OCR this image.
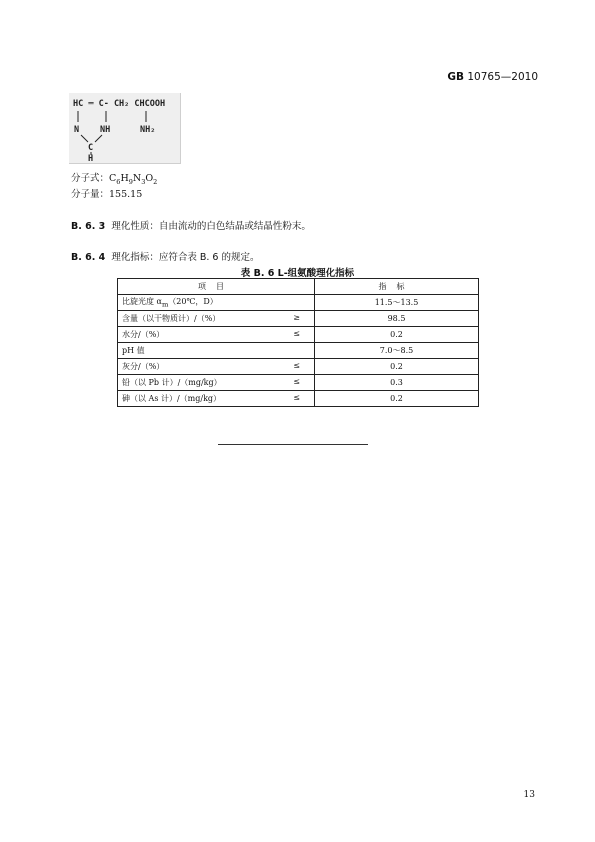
GB 10765—2010
HC ═ C- CH₂ CHCOOH
N NH	NH₂
C
H
分子式：$C_6H_9N_3O_2$
分子量：155.15
B. 6. 3 理化性质：自由流动的白色结晶或结晶性粉末。
B. 6. 4 理化指标：应符合表 B. 6 的规定。
表 B. 6 L-组氨酸理化指标
项目	指标
比旋光度 $\alpha_m(20℃$，D）	11.5～13.5
含量（以干物质计）/（%） ≥	98.5
水分/（%） ≤	0.2
pH 值	7.0～8.5
灰分/（%） ≤	0.2
铅（以 Pb 计）/（mg/kg） ≤	0.3
砷（以 As 计）/（mg/kg） ≤	0.2
13
